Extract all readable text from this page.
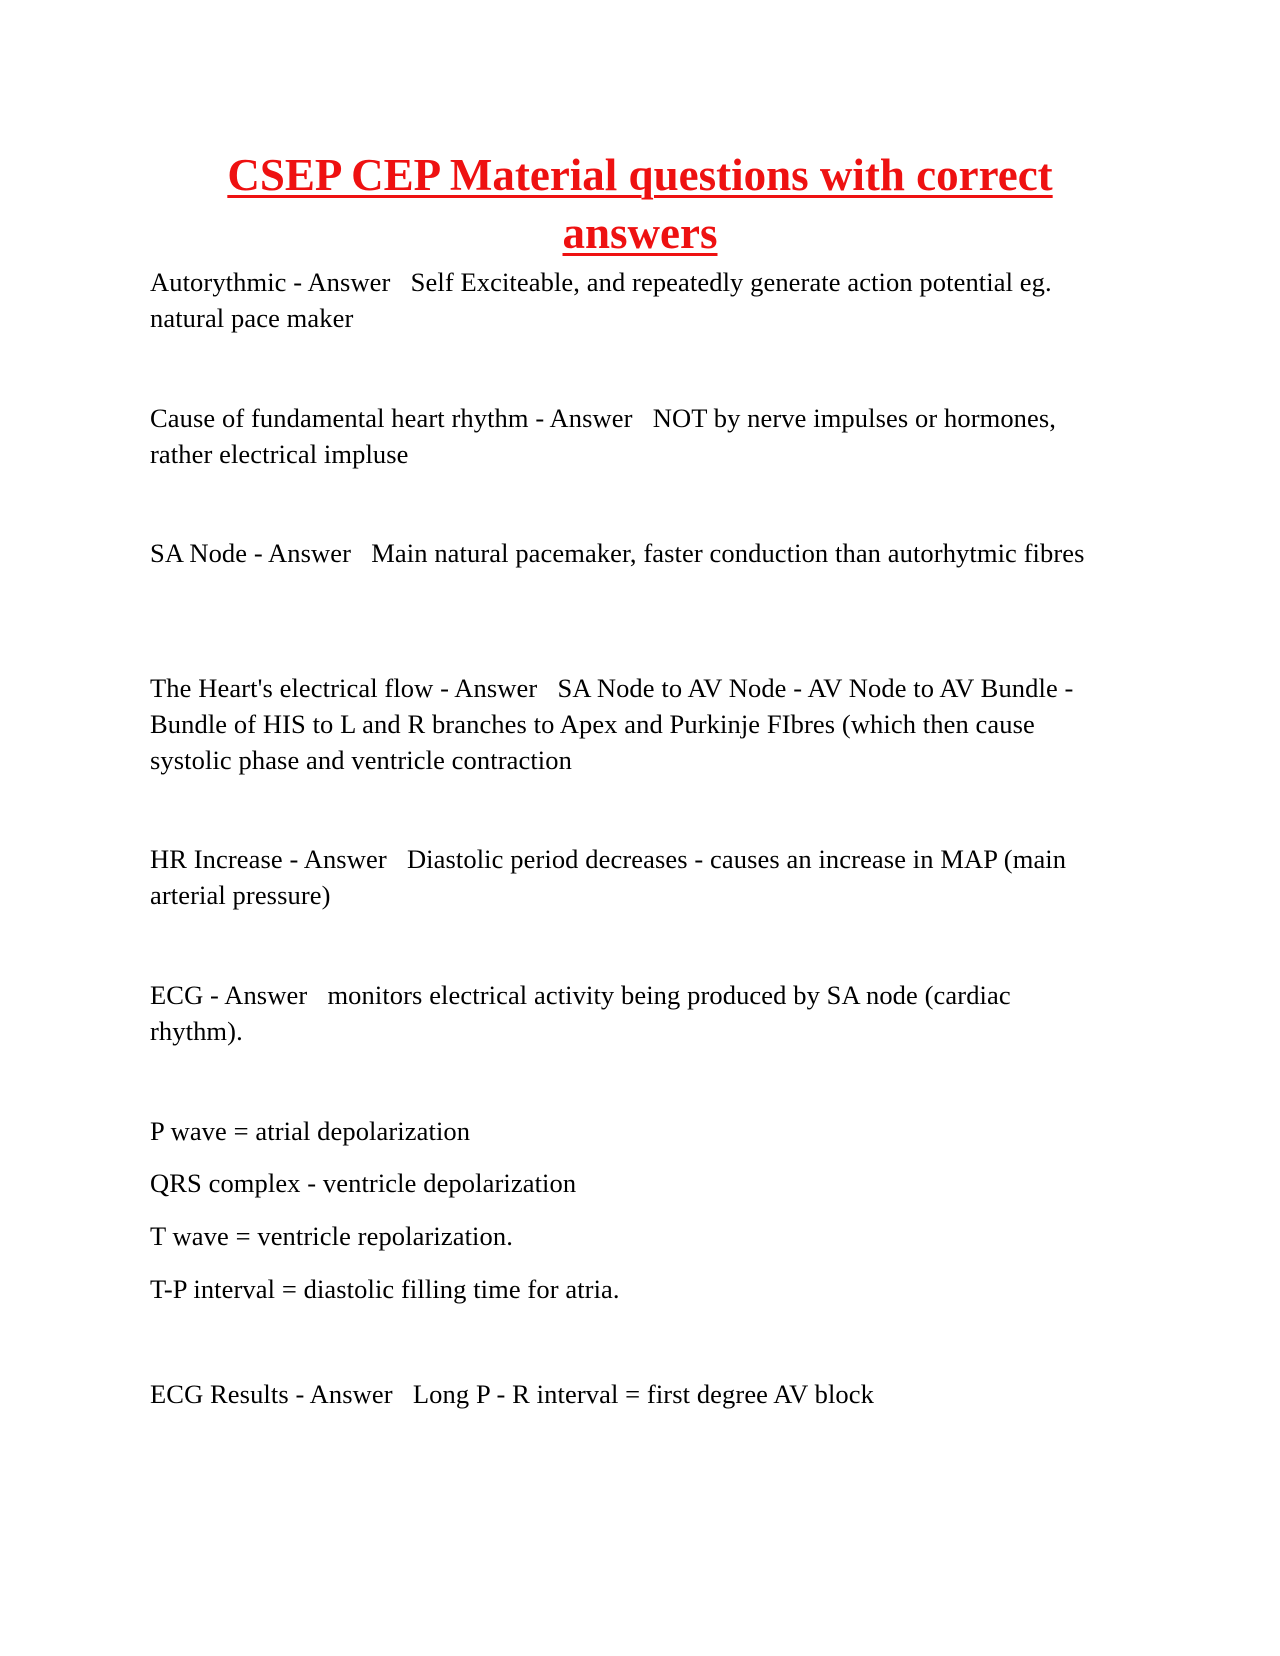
CSEP CEP Material questions with correct answers

Autorythmic - Answer Self Exciteable, and repeatedly generate action potential eg. natural pace maker

Cause of fundamental heart rhythm - Answer NOT by nerve impulses or hormones, rather electrical impluse

SA Node - Answer Main natural pacemaker, faster conduction than autorhytmic fibres

The Heart's electrical flow - Answer SA Node to AV Node - AV Node to AV Bundle - Bundle of HIS to L and R branches to Apex and Purkinje FIbres (which then cause systolic phase and ventricle contraction

HR Increase - Answer Diastolic period decreases - causes an increase in MAP (main arterial pressure)

ECG - Answer monitors electrical activity being produced by SA node (cardiac rhythm).

P wave = atrial depolarization

QRS complex - ventricle depolarization

T wave = ventricle repolarization.

T-P interval = diastolic filling time for atria.

ECG Results - Answer Long P - R interval = first degree AV block
